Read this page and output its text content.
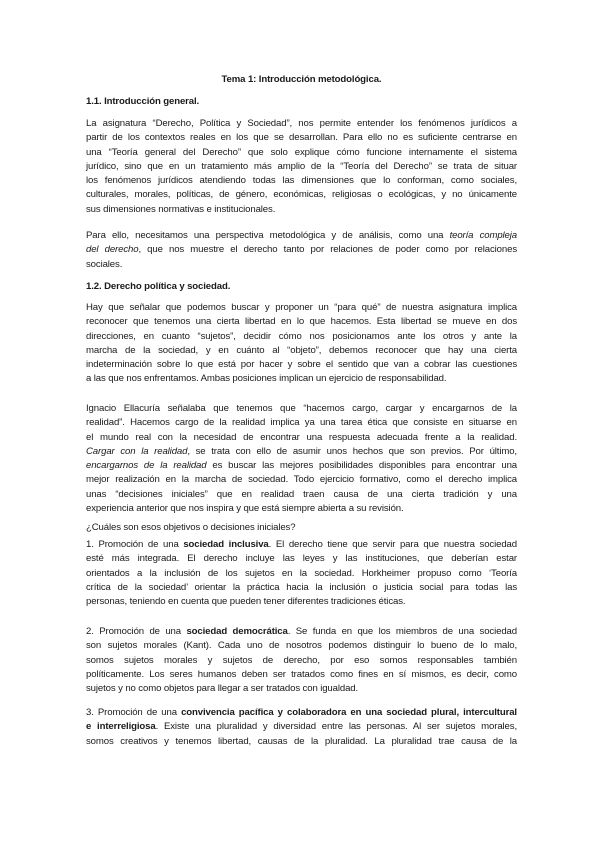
Tema 1: Introducción metodológica.
1.1. Introducción general.
La asignatura “Derecho, Política y Sociedad”, nos permite entender los fenómenos jurídicos a
partir de los contextos reales en los que se desarrollan. Para ello no es suficiente centrarse en
una “Teoría general del Derecho” que solo explique cómo funcione internamente el sistema
jurídico, sino que en un tratamiento más amplio de la “Teoría del Derecho” se trata de situar
los fenómenos jurídicos atendiendo todas las dimensiones que lo conforman, como sociales,
culturales, morales, políticas, de género, económicas, religiosas o ecológicas, y no únicamente
sus dimensiones normativas e institucionales.
Para ello, necesitamos una perspectiva metodológica y de análisis, como una teoría compleja
del derecho, que nos muestre el derecho tanto por relaciones de poder como por relaciones
sociales.
1.2. Derecho política y sociedad.
Hay que señalar que podemos buscar y proponer un “para qué” de nuestra asignatura implica
reconocer que tenemos una cierta libertad en lo que hacemos. Esta libertad se mueve en dos
direcciones, en cuanto “sujetos”, decidir cómo nos posicionamos ante los otros y ante la
marcha de la sociedad, y en cuánto al “objeto”, debemos reconocer que hay una cierta
indeterminación sobre lo que está por hacer y sobre el sentido que van a cobrar las cuestiones
a las que nos enfrentamos. Ambas posiciones implican un ejercicio de responsabilidad.
Ignacio Ellacuría señalaba que tenemos que “hacemos cargo, cargar y encargarnos de la
realidad”. Hacemos cargo de la realidad implica ya una tarea ética que consiste en situarse en
el mundo real con la necesidad de encontrar una respuesta adecuada frente a la realidad.
Cargar con la realidad, se trata con ello de asumir unos hechos que son previos. Por último,
encargarnos de la realidad es buscar las mejores posibilidades disponibles para encontrar una
mejor realización en la marcha de sociedad. Todo ejercicio formativo, como el derecho implica
unas “decisiones iniciales” que en realidad traen causa de una cierta tradición y una
experiencia anterior que nos inspira y que está siempre abierta a su revisión.
¿Cuáles son esos objetivos o decisiones iniciales?
1. Promoción de una sociedad inclusiva. El derecho tiene que servir para que nuestra sociedad
esté más integrada. El derecho incluye las leyes y las instituciones, que deberían estar
orientados a la inclusión de los sujetos en la sociedad. Horkheimer propuso como ‘Teoría
crítica de la sociedad’ orientar la práctica hacia la inclusión o justicia social para todas las
personas, teniendo en cuenta que pueden tener diferentes tradiciones éticas.
2. Promoción de una sociedad democrática. Se funda en que los miembros de una sociedad
son sujetos morales (Kant). Cada uno de nosotros podemos distinguir lo bueno de lo malo,
somos sujetos morales y sujetos de derecho, por eso somos responsables también
políticamente. Los seres humanos deben ser tratados como fines en sí mismos, es decir, como
sujetos y no como objetos para llegar a ser tratados con igualdad.
3. Promoción de una convivencia pacífica y colaboradora en una sociedad plural, intercultural
e interreligiosa. Existe una pluralidad y diversidad entre las personas. Al ser sujetos morales,
somos creativos y tenemos libertad, causas de la pluralidad. La pluralidad trae causa de la
